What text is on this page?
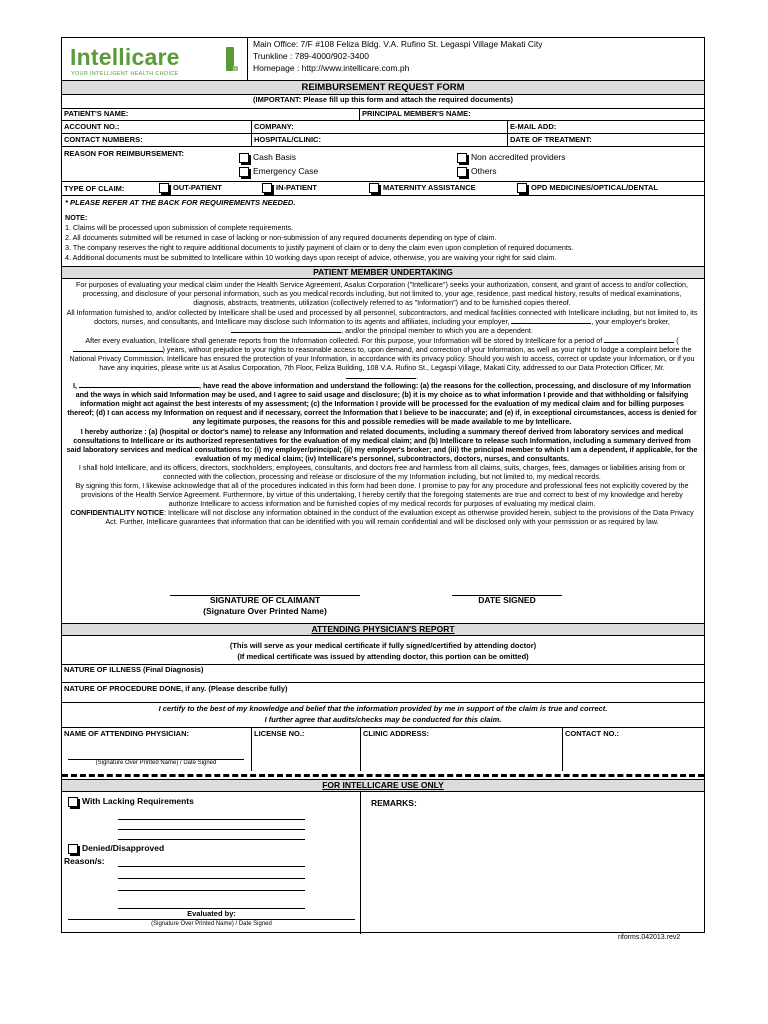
Intellicare
YOUR INTELLIGENT HEALTH CHOICE
Main Office: 7/F #108 Feliza Bldg. V.A. Rufino St. Legaspi Village Makati City
Trunkline : 789-4000/902-3400
Homepage : http://www.intellicare.com.ph
REIMBURSEMENT REQUEST FORM
(IMPORTANT: Please fill up this form and attach the required documents)
PATIENT'S NAME:	PRINCIPAL MEMBER'S NAME:
ACCOUNT NO.:	COMPANY:	E-MAIL ADD:
CONTACT NUMBERS:	HOSPITAL/CLINIC:	DATE OF TREATMENT:
REASON FOR REIMBURSEMENT:	Cash Basis
Emergency Case
Non accredited providers
Others
TYPE OF CLAIM:	OUT-PATIENT	IN-PATIENT	MATERNITY ASSISTANCE	OPD MEDICINES/OPTICAL/DENTAL
* PLEASE REFER AT THE BACK FOR REQUIREMENTS NEEDED.
NOTE:
1. Claims will be processed upon submission of complete requirements.
2. All documents submitted will be returned in case of lacking or non-submission of any required documents depending on type of claim.
3. The company reserves the right to require additional documents to justify payment of claim or to deny the claim even upon completion of required documents.
4. Additional documents must be submitted to Intellicare within 10 working days upon receipt of advice, otherwise, you are waiving your right for said claim.
PATIENT MEMBER UNDERTAKING

For purposes of evaluating your medical claim under the Health Service Agreement, Asalus Corporation ("Intellicare") seeks your authorization, consent, and grant of access to and/or collection, processing, and disclosure of your personal information, such as you medical records including, but not limited to, your age, residence, past medical history, results of medical examinations, diagnosis, abstracts, treatments, utilization (collectively referred to as "Information") and to be furnished copies thereof.

All Information furnished to, and/or collected by Intellicare shall be used and processed by all personnel, subcontractors, and medical facilities connected with Intellicare including, but not limited to, its doctors, nurses, and consultants, and Intellicare may disclose such Information to its agents and affiliates, including your employer,	, your employer's broker, , and/or the principal member to which you are a dependent.

After every evaluation, Intellicare shall generate reports from the Information collected. For this purpose, your Information will be stored by Intellicare for a period of	() years, without prejudice to your rights to reasonable access to, upon demand, and correction of your Information, as well as your right to lodge a complaint before the National Privacy Commission. Intellicare has ensured the protection of your Information, in accordance with its privacy policy. Should you wish to access, correct or update your Information, or if you have any inquiries, please write us at Asalus Corporation, 7th Floor, Feliza Building, 108 V.A. Rufino St., Legaspi Village, Makati City, addressed to our Data Protection Officer, Mr..

I,	, have read the above information and understand the following: (a) the reasons for the collection, processing, and disclosure of my Information and the ways in which said Information may be used, and I agree to said usage and disclosure; (b) it is my choice as to what information I provide and that withholding or falsifying information might act against the best interests of my assessment; (c) the Information I provide will be processed for the evaluation of my medical claim and for billing purposes thereof; (d) I can access my Information on request and if necessary, correct the Information that I believe to be inaccurate; and (e) if, in exceptional circumstances, access is denied for any legitimate purposes, the reasons for this and possible remedies will be made available to me by Intellicare.

I hereby authorize : (a) (hospital or doctor's name) to release any Information and related documents, including a summary thereof derived from laboratory services and medical consultations to Intellicare or its authorized representatives for the evaluation of my medical claim; and (b) Intellicare to release such Information, including a summary derived from said laboratory services and medical consultations to: (i) my employer/principal; (ii) my employer's broker; and (iii) the principal member to which I am a dependent, if applicable, for the evaluation of my medical claim; (iv) Intellicare's personnel, subcontractors, doctors, nurses, and consultants.

I shall hold Intellicare, and its officers, directors, stockholders, employees, consultants, and doctors free and harmless from all claims, suits, charges, fees, damages or liabilities arising from or connected with the collection, processing and release or disclosure of the my Information including, but not limited to, my medical records.

By signing this form, I likewise acknowledge that all of the procedures indicated in this form had been done. I promise to pay for any procedure and professional fees not explicitly covered by the provisions of the Health Service Agreement. Furthermore, by virtue of this undertaking, I hereby certify that the foregoing statements are true and correct to best of my knowledge and hereby authorize Intellicare to access information and be furnished copies of my medical records for purposes of evaluating my medical claim.

CONFIDENTIALITY NOTICE: Intellicare will not disclose any information obtained in the conduct of the evaluation except as otherwise provided herein, subject to the provisions of the Data Privacy Act. Further, Intellicare guarantees that information that can be identified with you will remain confidential and will be disclosed only with your permission or as required by law.

SIGNATURE OF CLAIMANT
(Signature Over Printed Name)
DATE SIGNED
ATTENDING PHYSICIAN'S REPORT
(This will serve as your medical certificate if fully signed/certified by attending doctor)
(If medical certificate was issued by attending doctor, this portion can be omitted)
NATURE OF ILLNESS (Final Diagnosis)
NATURE OF PROCEDURE DONE, if any. (Please describe fully)
I certify to the best of my knowledge and belief that the information provided by me in support of the claim is true and correct.
I further agree that audits/checks may be conducted for this claim.
NAME OF ATTENDING PHYSICIAN:	LICENSE NO.:	CLINIC ADDRESS:	CONTACT NO.:
(Signature Over Printed Name) / Date Signed
FOR INTELLICARE USE ONLY
With Lacking Requirements
Denied/Disapproved
Reason/s:
Evaluated by:
(Signature Over Printed Name) / Date Signed
REMARKS:
riforms.042013.rev2
